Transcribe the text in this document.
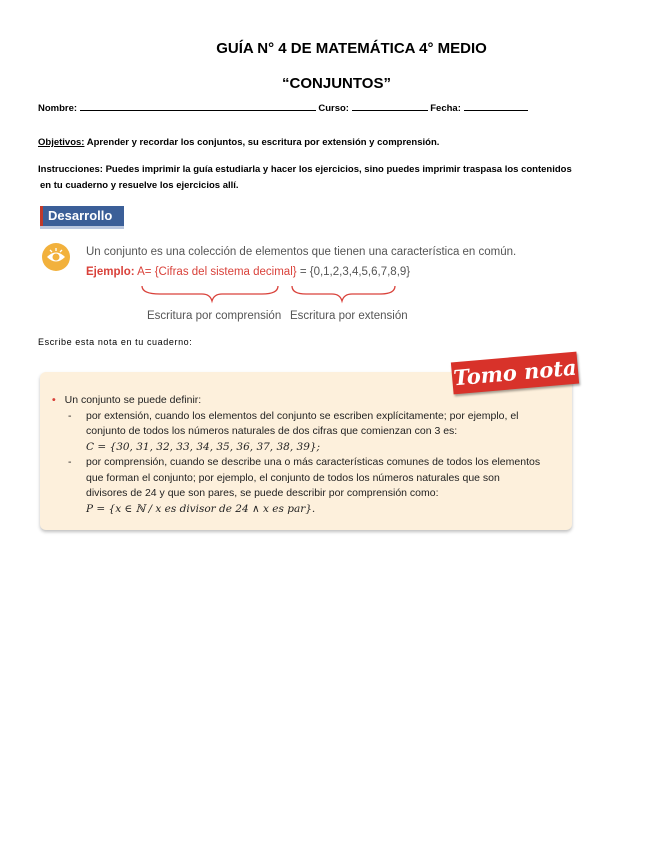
GUÍA N° 4 DE MATEMÁTICA 4° MEDIO
“CONJUNTOS”
Nombre:	Curso:	Fecha:
Objetivos: Aprender y recordar los conjuntos, su escritura por extensión y comprensión.
Instrucciones: Puedes imprimir la guía estudiarla y hacer los ejercicios, sino puedes imprimir traspasa los contenidos
en tu cuaderno y resuelve los ejercicios allí.
Desarrollo
Un conjunto es una colección de elementos que tienen una característica en común.
Ejemplo: A= {Cifras del sistema decimal} = {0,1,2,3,4,5,6,7,8,9}
Escritura por comprensión Escritura por extensión
Escribe esta nota en tu cuaderno:
Tomo nota
• Un conjunto se puede definir:
-	por extensión, cuando los elementos del conjunto se escriben explícitamente; por ejemplo, el
conjunto de todos los números naturales de dos cifras que comienzan con 3 es:
C = {30, 31, 32, 33, 34, 35, 36, 37, 38, 39};
-	por comprensión, cuando se describe una o más características comunes de todos los elementos
que forman el conjunto; por ejemplo, el conjunto de todos los números naturales que son
divisores de 24 y que son pares, se puede describir por comprensión como:
P = {x ∈ ℕ / x es divisor de 24 ∧ x es par}.
